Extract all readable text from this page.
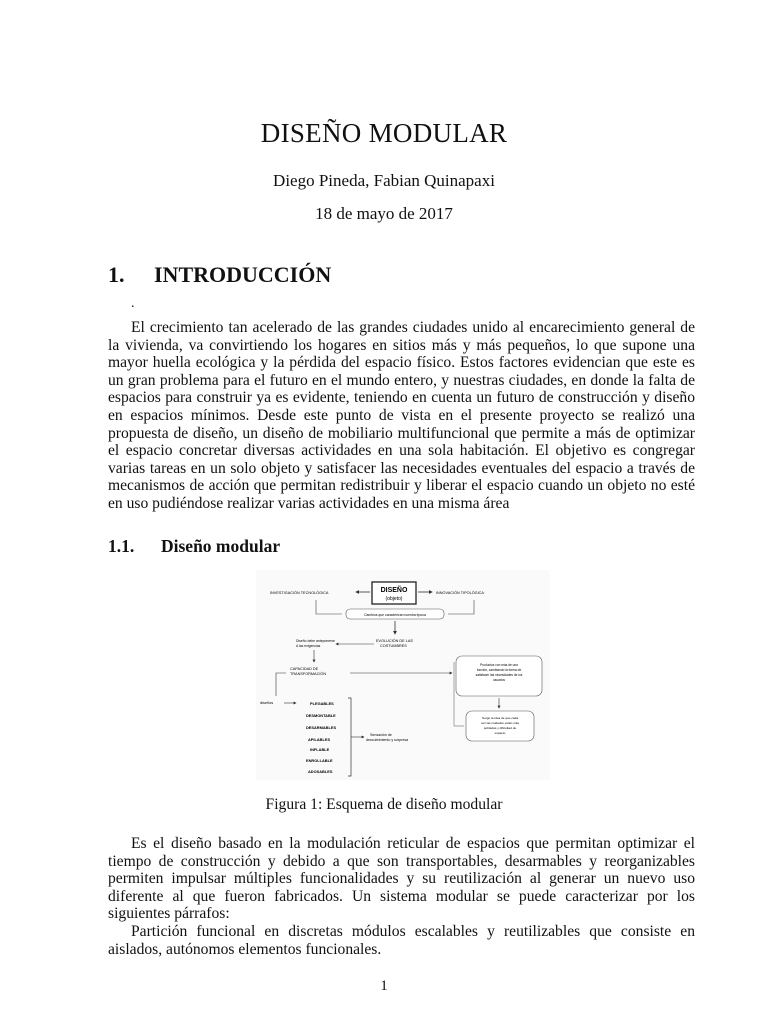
DISEÑO MODULAR
Diego Pineda, Fabian Quinapaxi
18 de mayo de 2017
1. INTRODUCCIÓN
.

El crecimiento tan acelerado de las grandes ciudades unido al encarecimiento general de la vivienda, va convirtiendo los hogares en sitios más y más pequeños, lo que supone una mayor huella ecológica y la pérdida del espacio físico. Estos factores evidencian que este es un gran problema para el futuro en el mundo entero, y nuestras ciudades, en donde la falta de espacios para construir ya es evidente, teniendo en cuenta un futuro de construcción y diseño en espacios mínimos. Desde este punto de vista en el presente proyecto se realizó una propuesta de diseño, un diseño de mobiliario multifuncional que permite a más de optimizar el espacio concretar diversas actividades en una sola habitación. El objetivo es congregar varias tareas en un solo objeto y satisfacer las necesidades eventuales del espacio a través de mecanismos de acción que permitan redistribuir y liberar el espacio cuando un objeto no esté en uso pudiéndose realizar varias actividades en una misma área

1.1. Diseño modular
DISEÑO
(objeto)
INVESTIGACIÓN TECNOLÓGICA	INNOVACIÓN TIPOLÓGICA
Cambios que caracterizan nuestra época
Diseño debe anteponerse
A las exigencias
EVOLUCIÓN DE LAS
COSTUMBRES
CAPACIDAD DE
TRANSFORMACIÓN
Productos con más de una
función, cambiando la forma de
satisfacer las necesidades de los
usuarios
Surge la idea de que cada
vez las ciudades están más
pobladas y dificultad de
espacio
diseños	PLEGABLES
DESMONTABLE
DESARMABLES
APILABLES
INFLABLE
ENROLLABLE
ADOSABLES
Sensación de
descubrimiento y sorpresa
Figura 1: Esquema de diseño modular

Es el diseño basado en la modulación reticular de espacios que permitan optimizar el tiempo de construcción y debido a que son transportables, desarmables y reorganizables permiten impulsar múltiples funcionalidades y su reutilización al generar un nuevo uso diferente al que fueron fabricados. Un sistema modular se puede caracterizar por los siguientes párrafos:

Partición funcional en discretas módulos escalables y reutilizables que consiste en aislados, autónomos elementos funcionales.

1
